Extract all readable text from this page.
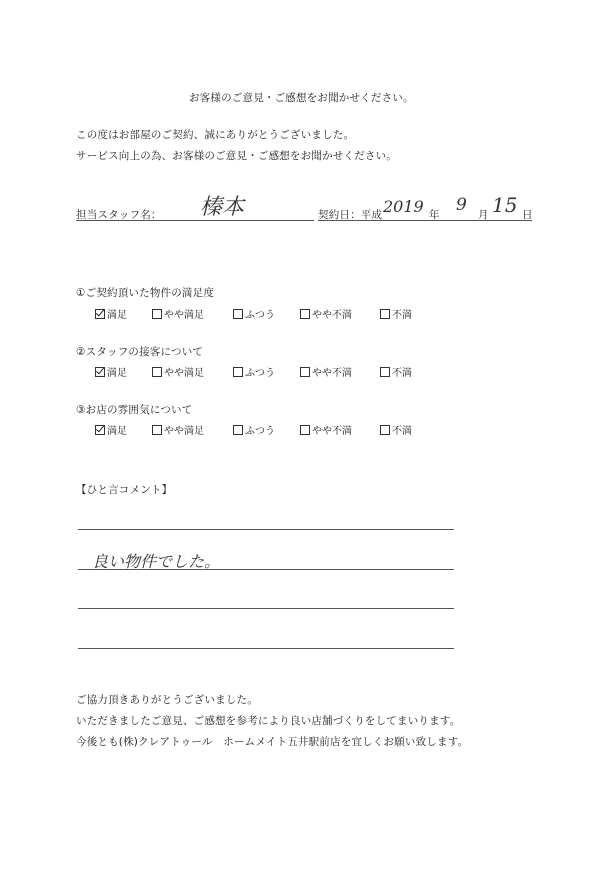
お客様のご意見・ご感想をお聞かせください。
この度はお部屋のご契約、誠にありがとうございました。
サービス向上の為、お客様のご意見・ご感想をお聞かせください。
担当スタッフ名： 榛本	契約日：平成 2019 年 9 月 15 日
①ご契約頂いた物件の満足度
満足	やや満足	ふつう	やや不満	不満
②スタッフの接客について
満足	やや満足	ふつう	やや不満	不満
③お店の雰囲気について
満足	やや満足	ふつう	やや不満	不満
【ひと言コメント】
良い物件でした。
ご協力頂きありがとうございました。
いただきましたご意見、ご感想を参考により良い店舗づくりをしてまいります。
今後とも(株)クレアトゥール　ホームメイト五井駅前店を宜しくお願い致します。
